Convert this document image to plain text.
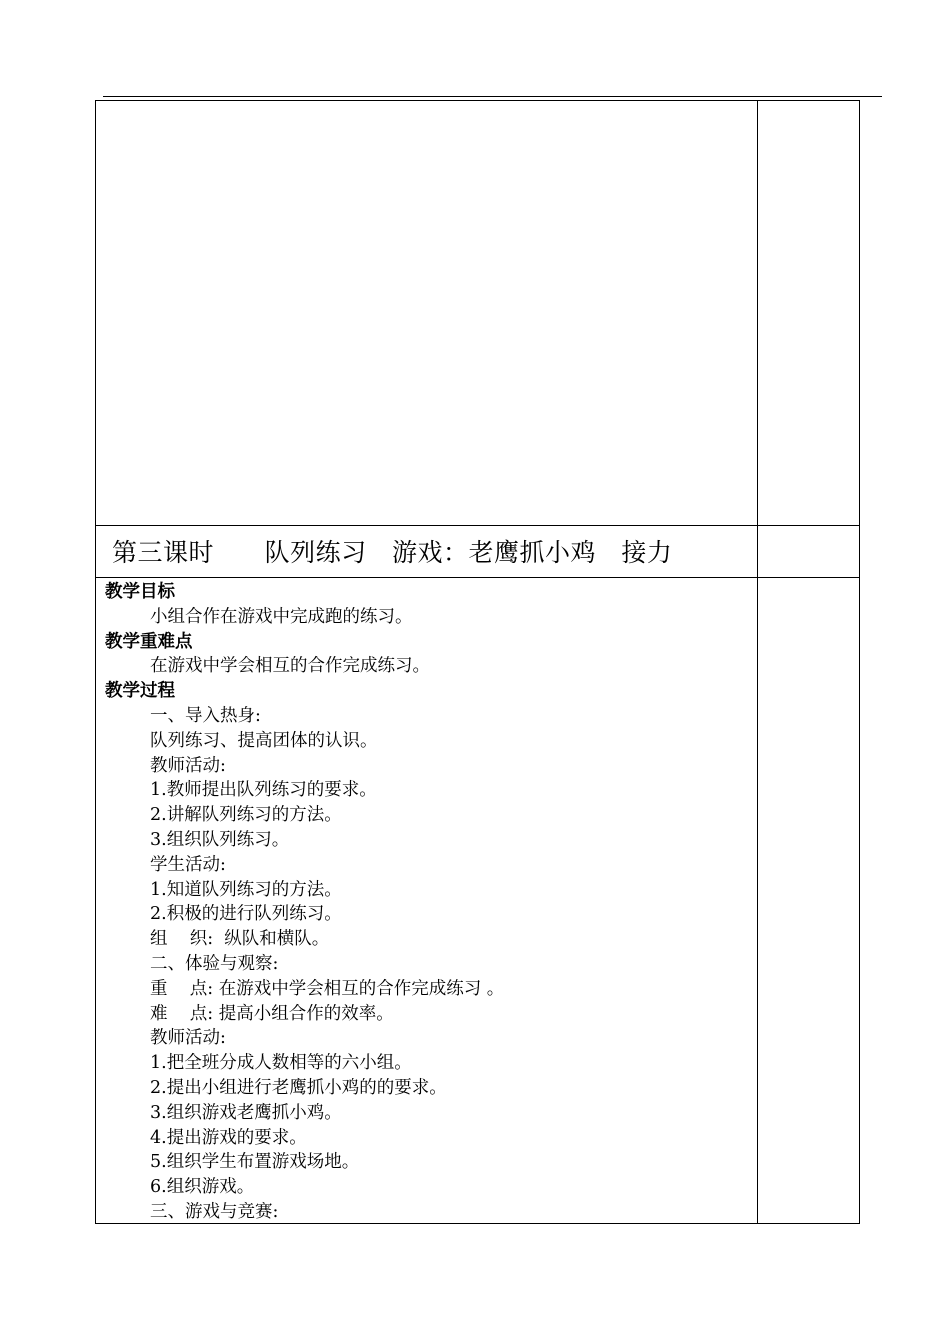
第三课时      队列练习   游戏：老鹰抓小鸡   接力
教学目标
小组合作在游戏中完成跑的练习。
教学重难点
在游戏中学会相互的合作完成练习。
教学过程
一、导入热身:
队列练习、提高团体的认识。
教师活动:
1.教师提出队列练习的要求。
2.讲解队列练习的方法。
3.组织队列练习。
学生活动:
1.知道队列练习的方法。
2.积极的进行队列练习。
组    织:  纵队和横队。
二、体验与观察:
重    点: 在游戏中学会相互的合作完成练习 。
难    点: 提高小组合作的效率。
教师活动:
1.把全班分成人数相等的六小组。
2.提出小组进行老鹰抓小鸡的的要求。
3.组织游戏老鹰抓小鸡。
4.提出游戏的要求。
5.组织学生布置游戏场地。
6.组织游戏。
三、游戏与竞赛:
